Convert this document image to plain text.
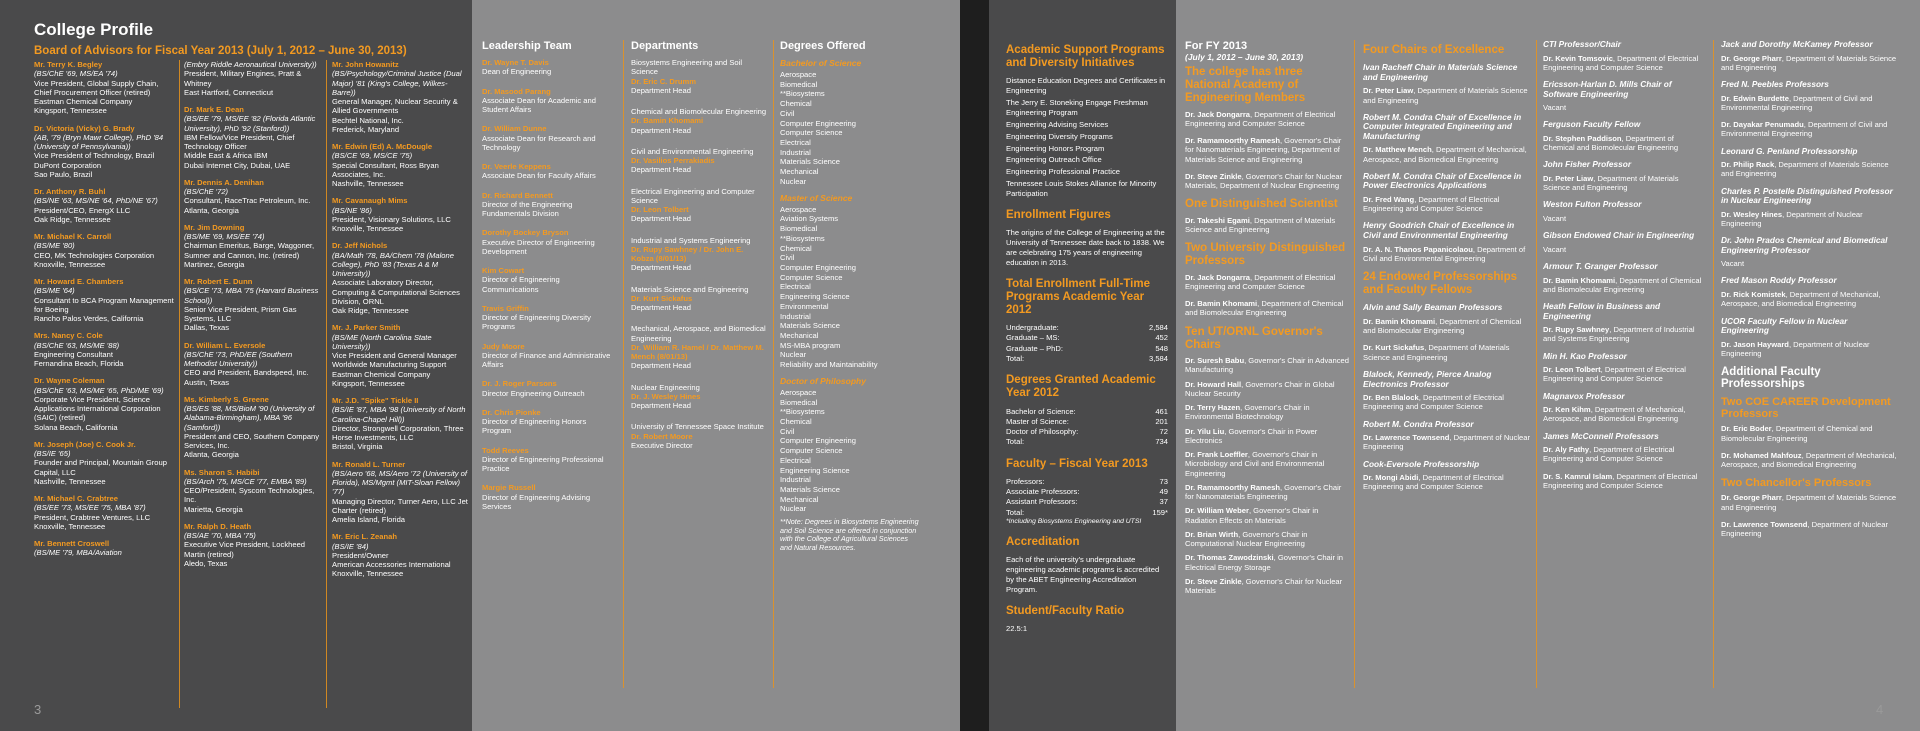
College Profile
Board of Advisors for Fiscal Year 2013 (July 1, 2012 – June 30, 2013)
Mr. Terry K. Begley
(BS/ChE '69, MS/EA '74)
Vice President, Global Supply Chain, Chief Procurement Officer (retired)
Eastman Chemical Company
Kingsport, Tennessee
Dr. Victoria (Vicky) G. Brady
(AB, '79 (Bryn Mawr College), PhD '84 (University of Pennsylvania))
Vice President of Technology, Brazil
DuPont Corporation
Sao Paulo, Brazil
Dr. Anthony R. Buhl
(BS/NE '63, MS/NE '64, PhD/NE '67)
President/CEO, EnergX LLC
Oak Ridge, Tennessee
Mr. Michael K. Carroll
(BS/ME '80)
CEO, MK Technologies Corporation
Knoxville, Tennessee
Mr. Howard E. Chambers
(BS/ME '64)
Consultant to BCA Program Management for Boeing
Rancho Palos Verdes, California
Mrs. Nancy C. Cole
(BS/ChE '63, MS/ME '88)
Engineering Consultant
Fernandina Beach, Florida
Dr. Wayne Coleman
(BS/ChE '63, MS/ME '65, PhD/ME '69)
Corporate Vice President, Science Applications International Corporation (SAIC) (retired)
Solana Beach, California
Mr. Joseph (Joe) C. Cook Jr.
(BS/IE '65)
Founder and Principal, Mountain Group Capital, LLC
Nashville, Tennessee
Mr. Michael C. Crabtree
(BS/EE '73, MS/EE '75, MBA '87)
President, Crabtree Ventures, LLC
Knoxville, Tennessee
Mr. Bennett Croswell
(BS/ME '79, MBA/Aviation
(Embry Riddle Aeronautical University))
President, Military Engines, Pratt & Whitney
East Hartford, Connecticut
Dr. Mark E. Dean
(BS/EE '79, MS/EE '82 (Florida Atlantic University), PhD '92 (Stanford))
IBM Fellow/Vice President, Chief Technology Officer
Middle East & Africa IBM
Dubai Internet City, Dubai, UAE
Mr. Dennis A. Denihan
(BS/ChE '72)
Consultant, RaceTrac Petroleum, Inc.
Atlanta, Georgia
Mr. Jim Downing
(BS/ME '69, MS/EE '74)
Chairman Emeritus, Barge, Waggoner, Sumner and Cannon, Inc. (retired)
Martinez, Georgia
Mr. Robert E. Dunn
(BS/CE '73, MBA '75 (Harvard Business School))
Senior Vice President, Prism Gas Systems, LLC
Dallas, Texas
Dr. William L. Eversole
(BS/ChE '73, PhD/EE (Southern Methodist University))
CEO and President, Bandspeed, Inc.
Austin, Texas
Ms. Kimberly S. Greene
(BS/ES '88, MS/BioM '90 (University of Alabama-Birmingham), MBA '96 (Samford))
President and CEO, Southern Company Services, Inc.
Atlanta, Georgia
Ms. Sharon S. Habibi
(BS/Arch '75, MS/CE '77, EMBA '89)
CEO/President, Syscom Technologies, Inc.
Marietta, Georgia
Mr. Ralph D. Heath
(BS/AE '70, MBA '75)
Executive Vice President, Lockheed Martin (retired)
Aledo, Texas
Mr. John Howanitz
(BS/Psychology/Criminal Justice (Dual Major) '81 (King's College, Wilkes-Barre))
General Manager, Nuclear Security & Allied Governments
Bechtel National, Inc.
Frederick, Maryland
Mr. Edwin (Ed) A. McDougle
(BS/CE '69, MS/CE '75)
Special Consultant, Ross Bryan Associates, Inc.
Nashville, Tennessee
Mr. Cavanaugh Mims
(BS/NE '86)
President, Visionary Solutions, LLC
Knoxville, Tennessee
Dr. Jeff Nichols
(BA/Math '78, BA/Chem '78 (Malone College), PhD '83 (Texas A & M University))
Associate Laboratory Director, Computing & Computational Sciences Division, ORNL
Oak Ridge, Tennessee
Mr. J. Parker Smith
(BS/ME (North Carolina State University))
Vice President and General Manager
Worldwide Manufacturing Support
Eastman Chemical Company
Kingsport, Tennessee
Mr. J.D. "Spike" Tickle II
(BS/IE '87, MBA '98 (University of North Carolina-Chapel Hill))
Director, Strongwell Corporation, Three Horse Investments, LLC
Bristol, Virginia
Mr. Ronald L. Turner
(BS/Aero '68, MS/Aero '72 (University of Florida), MS/Mgmt (MIT-Sloan Fellow) '77)
Managing Director, Turner Aero, LLC Jet Charter (retired)
Amelia Island, Florida
Mr. Eric L. Zeanah
(BS/IE '84)
President/Owner
American Accessories International
Knoxville, Tennessee
Leadership Team
Dr. Wayne T. Davis
Dean of Engineering
Dr. Masood Parang
Associate Dean for Academic and Student Affairs
Dr. William Dunne
Associate Dean for Research and Technology
Dr. Veerle Keppens
Associate Dean for Faculty Affairs
Dr. Richard Bennett
Director of the Engineering Fundamentals Division
Dorothy Bockey Bryson
Executive Director of Engineering Development
Kim Cowart
Director of Engineering Communications
Travis Griffin
Director of Engineering Diversity Programs
Judy Moore
Director of Finance and Administrative Affairs
Dr. J. Roger Parsons
Director Engineering Outreach
Dr. Chris Pionke
Director of Engineering Honors Program
Todd Reeves
Director of Engineering Professional Practice
Margie Russell
Director of Engineering Advising Services
Departments
Biosystems Engineering and Soil Science
Dr. Eric C. Drumm
Department Head
Chemical and Biomolecular Engineering
Dr. Bamin Khomami
Department Head
Civil and Environmental Engineering
Dr. Vasilios Perrakiadis
Department Head
Electrical Engineering and Computer Science
Dr. Leon Tolbert
Department Head
Industrial and Systems Engineering
Dr. Rupy Sawhney / Dr. John E. Kobza (8/01/13)
Department Head
Materials Science and Engineering
Dr. Kurt Sickafus
Department Head
Mechanical, Aerospace, and Biomedical Engineering
Dr. William R. Hamel / Dr. Matthew M. Mench (8/01/13)
Department Head
Nuclear Engineering
Dr. J. Wesley Hines
Department Head
University of Tennessee Space Institute
Dr. Robert Moore
Executive Director
Degrees Offered
Bachelor of Science
Aerospace
Biomedical
**Biosystems
Chemical
Civil
Computer Engineering
Computer Science
Electrical
Industrial
Materials Science
Mechanical
Nuclear
Master of Science
Aerospace
Aviation Systems
Biomedical
**Biosystems
Chemical
Civil
Computer Engineering
Computer Science
Electrical
Engineering Science
Environmental
Industrial
Materials Science
Mechanical
MS-MBA program
Nuclear
Reliability and Maintainability
Doctor of Philosophy
Aerospace
Biomedical
**Biosystems
Chemical
Civil
Computer Engineering
Computer Science
Electrical
Engineering Science
Industrial
Materials Science
Mechanical
Nuclear
**Note: Degrees in Biosystems Engineering and Soil Science are offered in conjunction with the College of Agricultural Sciences and Natural Resources.
3
Academic Support Programs and Diversity Initiatives
Distance Education Degrees and Certificates in Engineering
The Jerry E. Stoneking Engage Freshman Engineering Program
Engineering Advising Services
Engineering Diversity Programs
Engineering Honors Program
Engineering Outreach Office
Engineering Professional Practice
Tennessee Louis Stokes Alliance for Minority Participation
Enrollment Figures
The origins of the College of Engineering at the University of Tennessee date back to 1838. We are celebrating 175 years of engineering education in 2013.
Total Enrollment Full-Time Programs Academic Year 2012
Undergraduate:	2,584
Graduate – MS:	452
Graduate – PhD:	548
Total:	3,584
Degrees Granted Academic Year 2012
Bachelor of Science:	461
Master of Science:	201
Doctor of Philosophy:	72
Total:	734
Faculty – Fiscal Year 2013
Professors:	73
Associate Professors:	49
Assistant Professors:	37
Total:	159*
*Including Biosystems Engineering and UTSI
Accreditation
Each of the university's undergraduate engineering academic programs is accredited by the ABET Engineering Accreditation Program.
Student/Faculty Ratio
22.5:1
For FY 2013
(July 1, 2012 – June 30, 2013)
The college has three National Academy of Engineering Members
Dr. Jack Dongarra, Department of Electrical Engineering and Computer Science
Dr. Ramamoorthy Ramesh, Governor's Chair for Nanomaterials Engineering, Department of Materials Science and Engineering
Dr. Steve Zinkle, Governor's Chair for Nuclear Materials, Department of Nuclear Engineering
One Distinguished Scientist
Dr. Takeshi Egami, Department of Materials Science and Engineering
Two University Distinguished Professors
Dr. Jack Dongarra, Department of Electrical Engineering and Computer Science
Dr. Bamin Khomami, Department of Chemical and Biomolecular Engineering
Ten UT/ORNL Governor's Chairs
Dr. Suresh Babu, Governor's Chair in Advanced Manufacturing
Dr. Howard Hall, Governor's Chair in Global Nuclear Security
Dr. Terry Hazen, Governor's Chair in Environmental Biotechnology
Dr. Yilu Liu, Governor's Chair in Power Electronics
Dr. Frank Loeffler, Governor's Chair in Microbiology and Civil and Environmental Engineering
Dr. Ramamoorthy Ramesh, Governor's Chair for Nanomaterials Engineering
Dr. William Weber, Governor's Chair in Radiation Effects on Materials
Dr. Brian Wirth, Governor's Chair in Computational Nuclear Engineering
Dr. Thomas Zawodzinski, Governor's Chair in Electrical Energy Storage
Dr. Steve Zinkle, Governor's Chair for Nuclear Materials
Four Chairs of Excellence
Ivan Racheff Chair in Materials Science and Engineering
Dr. Peter Liaw, Department of Materials Science and Engineering
Robert M. Condra Chair of Excellence in Computer Integrated Engineering and Manufacturing
Dr. Matthew Mench, Department of Mechanical, Aerospace, and Biomedical Engineering
Robert M. Condra Chair of Excellence in Power Electronics Applications
Dr. Fred Wang, Department of Electrical Engineering and Computer Science
Henry Goodrich Chair of Excellence in Civil and Environmental Engineering
Dr. A. N. Thanos Papanicolaou, Department of Civil and Environmental Engineering
24 Endowed Professorships and Faculty Fellows
Alvin and Sally Beaman Professors
Dr. Bamin Khomami, Department of Chemical and Biomolecular Engineering
Dr. Kurt Sickafus, Department of Materials Science and Engineering
Blalock, Kennedy, Pierce Analog Electronics Professor
Dr. Ben Blalock, Department of Electrical Engineering and Computer Science
Robert M. Condra Professor
Dr. Lawrence Townsend, Department of Nuclear Engineering
Cook-Eversole Professorship
Dr. Mongi Abidi, Department of Electrical Engineering and Computer Science
CTI Professor/Chair
Dr. Kevin Tomsovic, Department of Electrical Engineering and Computer Science
Ericsson-Harlan D. Mills Chair of Software Engineering
Vacant
Ferguson Faculty Fellow
Dr. Stephen Paddison, Department of Chemical and Biomolecular Engineering
John Fisher Professor
Dr. Peter Liaw, Department of Materials Science and Engineering
Weston Fulton Professor
Vacant
Gibson Endowed Chair in Engineering
Vacant
Armour T. Granger Professor
Dr. Bamin Khomami, Department of Chemical and Biomolecular Engineering
Heath Fellow in Business and Engineering
Dr. Rupy Sawhney, Department of Industrial and Systems Engineering
Min H. Kao Professor
Dr. Leon Tolbert, Department of Electrical Engineering and Computer Science
Magnavox Professor
Dr. Ken Kihm, Department of Mechanical, Aerospace, and Biomedical Engineering
James McConnell Professors
Dr. Aly Fathy, Department of Electrical Engineering and Computer Science
Dr. S. Kamrul Islam, Department of Electrical Engineering and Computer Science
Jack and Dorothy McKamey Professor
Dr. George Pharr, Department of Materials Science and Engineering
Fred N. Peebles Professors
Dr. Edwin Burdette, Department of Civil and Environmental Engineering
Dr. Dayakar Penumadu, Department of Civil and Environmental Engineering
Leonard G. Penland Professorship
Dr. Philip Rack, Department of Materials Science and Engineering
Charles P. Postelle Distinguished Professor in Nuclear Engineering
Dr. Wesley Hines, Department of Nuclear Engineering
Dr. John Prados Chemical and Biomedical Engineering Professor
Vacant
Fred Mason Roddy Professor
Dr. Rick Komistek, Department of Mechanical, Aerospace, and Biomedical Engineering
UCOR Faculty Fellow in Nuclear Engineering
Dr. Jason Hayward, Department of Nuclear Engineering
Additional Faculty Professorships
Two COE CAREER Development Professors
Dr. Eric Boder, Department of Chemical and Biomolecular Engineering
Dr. Mohamed Mahfouz, Department of Mechanical, Aerospace, and Biomedical Engineering
Two Chancellor's Professors
Dr. George Pharr, Department of Materials Science and Engineering
Dr. Lawrence Townsend, Department of Nuclear Engineering
4
